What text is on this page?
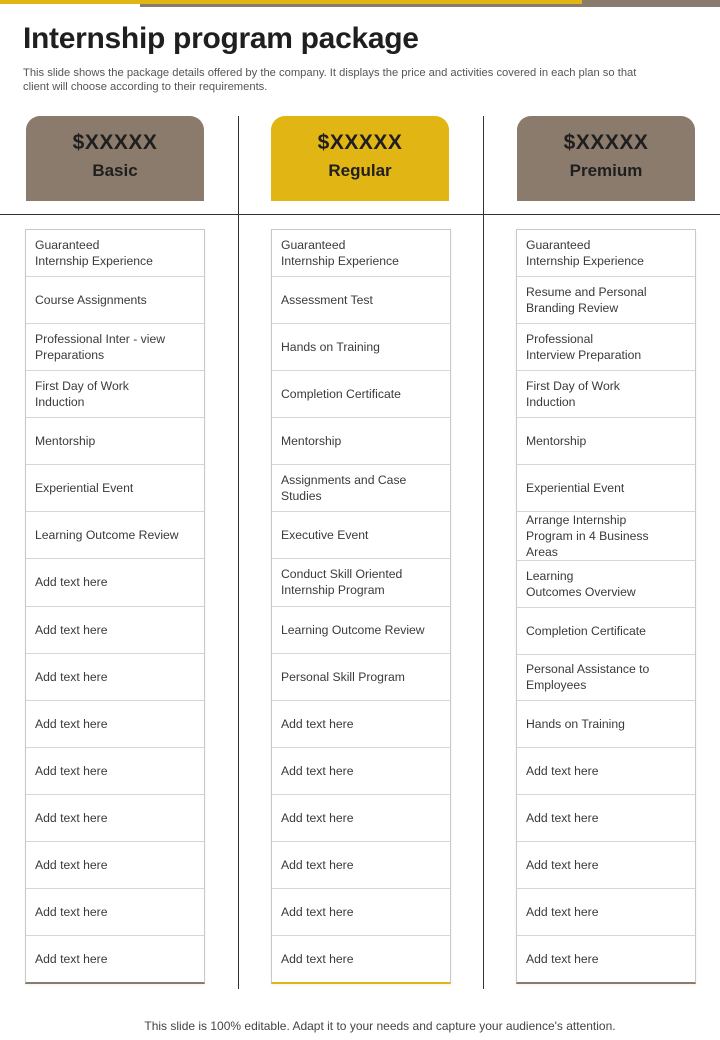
Internship program package

This slide shows the package details offered by the company. It displays the price and activities covered in each plan so that client will choose according to their requirements.

$XXXXX
Basic
$XXXXX
Regular
$XXXXX
Premium
Guaranteed
Internship Experience
Course Assignments
Professional Inter - view
Preparations
First Day of Work
Induction
Mentorship
Experiential Event
Learning Outcome Review
Add text here
Add text here
Add text here
Add text here
Add text here
Add text here
Add text here
Add text here
Add text here
Guaranteed
Internship Experience
Assessment Test
Hands on Training
Completion Certificate
Mentorship
Assignments and Case
Studies
Executive Event
Conduct Skill Oriented
Internship Program
Learning Outcome Review
Personal Skill Program
Add text here
Add text here
Add text here
Add text here
Add text here
Add text here
Guaranteed
Internship Experience
Resume and Personal
Branding Review
Professional
Interview Preparation
First Day of Work
Induction
Mentorship
Experiential Event
Arrange Internship
Program in 4 Business
Areas
Learning
Outcomes Overview
Completion Certificate
Personal Assistance to
Employees
Hands on Training
Add text here
Add text here
Add text here
Add text here
Add text here

This slide is 100% editable. Adapt it to your needs and capture your audience's attention.
